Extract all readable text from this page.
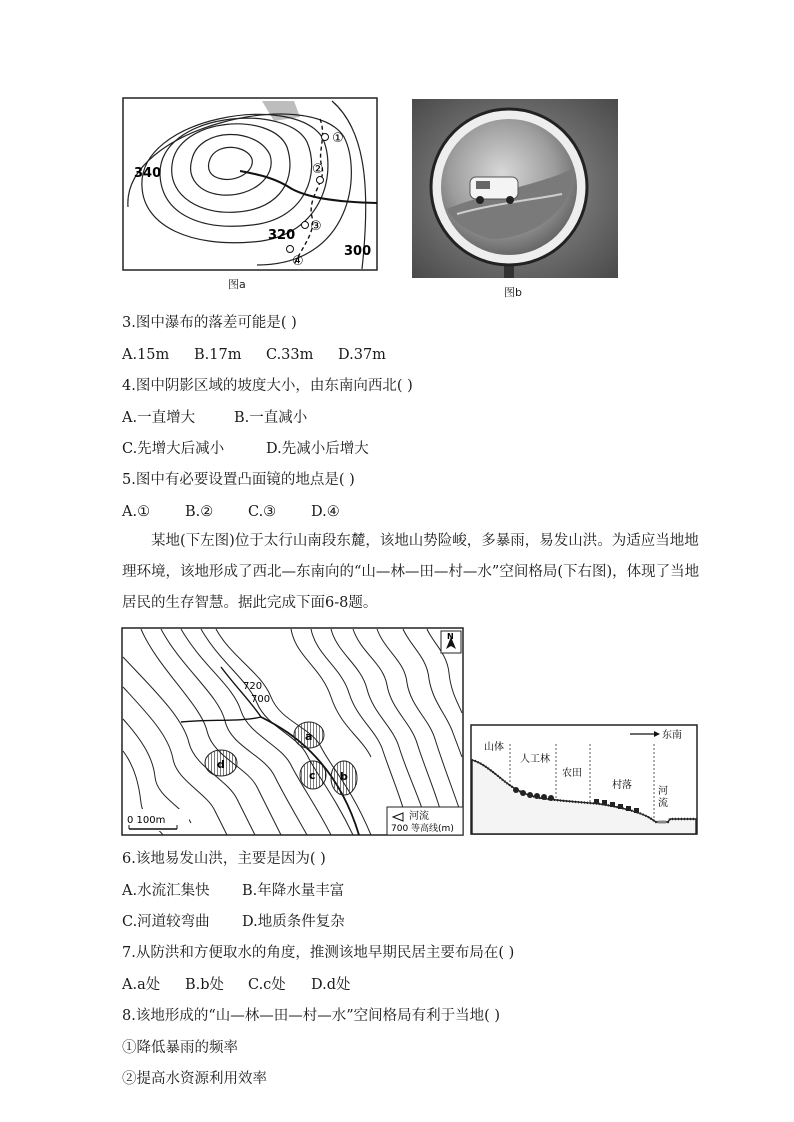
①
②
③
④
340
320
300
图a
图b
3.图中瀑布的落差可能是( )
A.15m B.17m C.33m D.37m
4.图中阴影区域的坡度大小，由东南向西北( )
A.一直增大	B.一直减小
C.先增大后减小	D.先减小后增大
5.图中有必要设置凸面镜的地点是( )
A.① B.② C.③ D.④
某地(下左图)位于太行山南段东麓，该地山势险峻，多暴雨，易发山洪。为适应当地地理环境，该地形成了西北—东南向的“山—林—田—村—水”空间格局(下右图)，体现了当地居民的生存智慧。据此完成下面6-8题。
a
b
c
d
720
700
N
0 100m	河流
700 等高线(m)
东南
山体
人工林
农田
村落
河
流
6.该地易发山洪，主要是因为( )
A.水流汇集快 B.年降水量丰富
C.河道较弯曲 D.地质条件复杂
7.从防洪和方便取水的角度，推测该地早期民居主要布局在( )
A.a处 B.b处 C.c处 D.d处
8.该地形成的“山—林—田—村—水”空间格局有利于当地( )
①降低暴雨的频率
②提高水资源利用效率
